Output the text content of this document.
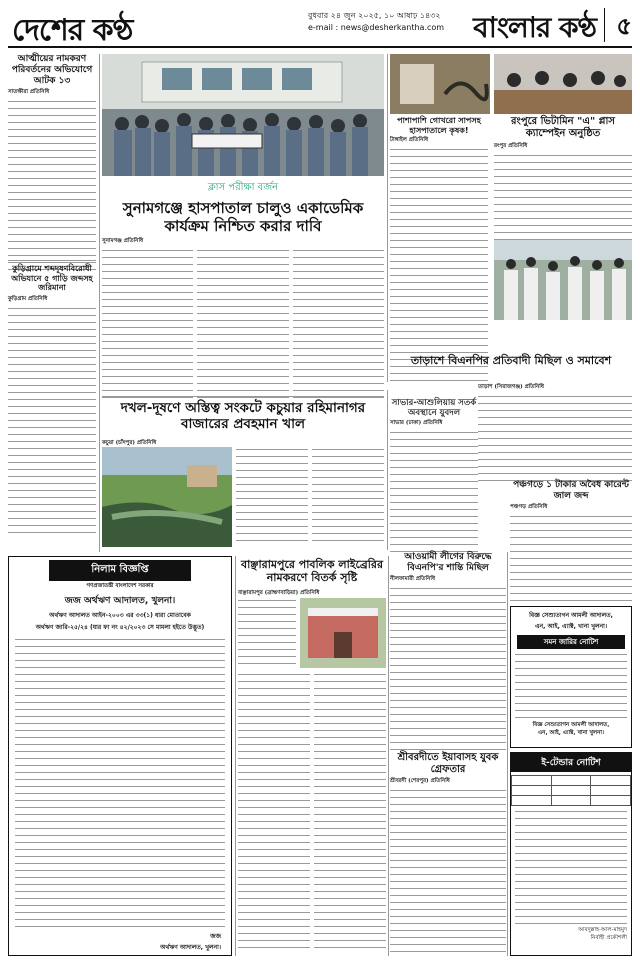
দেশের কণ্ঠ	বুধবার ২৪ জুন ২০২৫, ১০ আষাঢ় ১৪৩২
e-mail : news@desherkantha.com বাংলার কণ্ঠ ৫
আত্মীয়ের নামকরণ পরিবর্তনের অভিযোগে আটক ১৩
সাতক্ষীরা প্রতিনিধি
কুড়িগ্রামে শব্দদূষণবিরোধী অভিযানে ৫ গাড়ি জব্দসহ জরিমানা
কুড়িগ্রাম প্রতিনিধি
ক্লাস পরীক্ষা বর্জন
সুনামগঞ্জে হাসপাতাল চালুও একাডেমিক কার্যক্রম নিশ্চিত করার দাবি
সুনামগঞ্জ প্রতিনিধি
দখল-দূষণে অস্তিত্ব সংকটে কচুয়ার রহিমানাগর বাজারের প্রবহমান খাল
কচুয়া (চাঁদপুর) প্রতিনিধি
সাভার-আশুলিয়ায় সতর্ক অবস্থানে যুবদল
সাভার (ঢাকা) প্রতিনিধি
পাশাপাশি গোখরো সাপসহ হাসপাতালে কৃষক!
টাঙ্গাইল প্রতিনিধি
রংপুরে ভিটামিন "এ" প্লাস ক্যাম্পেইন অনুষ্ঠিত
রংপুর প্রতিনিধি
তাড়াশে বিএনপির প্রতিবাদী মিছিল ও সমাবেশ
তাড়াশ (সিরাজগঞ্জ) প্রতিনিধি
আওয়ামী লীগের বিরুদ্ধে বিএনপি'র শান্তি মিছিল
নীলফামারী প্রতিনিধি
পঞ্চগড়ে ১ টাকার অবৈধ কারেন্ট জাল জব্দ
পঞ্চগড় প্রতিনিধি
বিজ্ঞ সেশ্যুতাগন আমলী আদালত,
এন, আই, এ্যাক্ট, খানা খুলনা।
সমন জারির নোটিশ
বিজ্ঞ সেশ্যুতাগন আমলী আদালত,
এন, আই, এ্যাক্ট, খানা খুলনা।
শ্রীবরদীতে ইয়াবাসহ যুবক গ্রেফতার
শ্রীবরদী (শেরপুর) প্রতিনিধি
ই-টেন্ডার নোটিশ

আবদুল্লাহ-আল-মাহমুদ
নির্বাহী প্রকৌশলী
নিলাম বিজ্ঞপ্তি
গণপ্রজাতন্ত্রী বাংলাদেশ সরকার
জজ অর্থঋণ আদালত, খুলনা।
অর্থঋণ আদালত আইন-২০০৩ এর ৩৩(১) ধারা মোতাবেক
অর্থঋণ জারি-২৫/২৪ (যার ফা নং ৪২/২০২৩ সে মামলা হইতে উদ্ভূত)
জজ
অর্থঋণ আদালত, খুলনা।
বাঞ্ছারামপুরে পাবলিক লাইব্রেরির নামকরণে বিতর্ক সৃষ্টি
বাঞ্ছারামপুর (ব্রাহ্মণবাড়িয়া) প্রতিনিধি
